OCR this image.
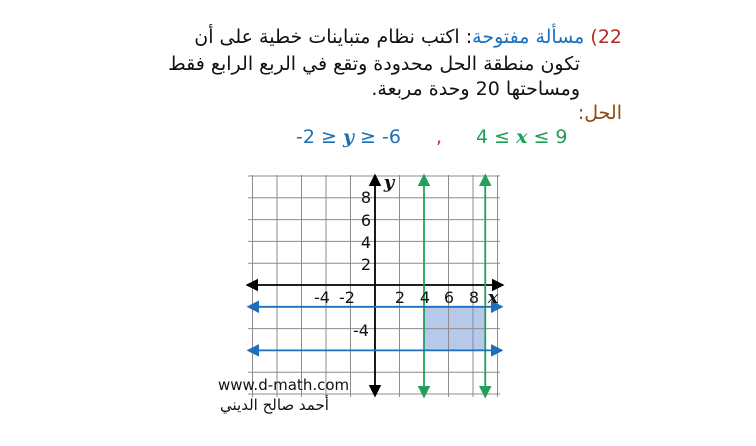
22) مسألة مفتوحة: اكتب نظام متباينات خطية على أن

تكون منطقة الحل محدودة وتقع في الربع الرابع فقط

ومساحتها 20 وحدة مربعة.

الحل:

4 ≤ x ≤ 9

,

-2 ≥ y ≥ -6

-4 -2 2 4 6 8 x
8
6
4
2
-4
y

www.d-math.com

أحمد صالح الديني
